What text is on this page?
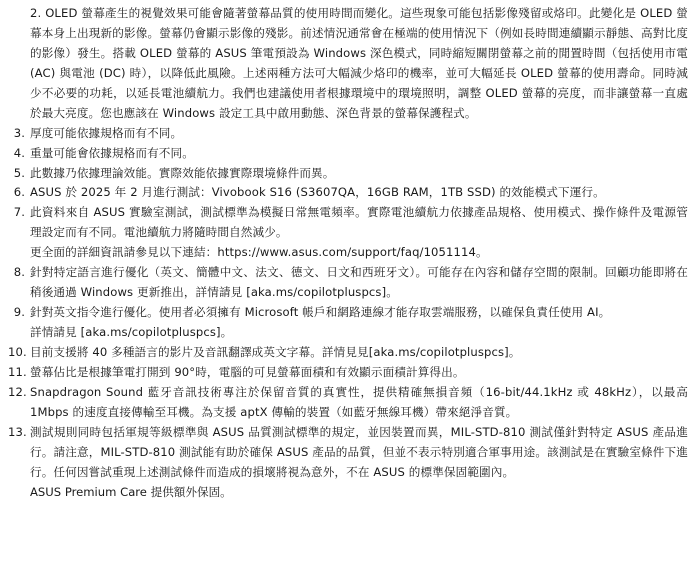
2. OLED 螢幕產生的視覺效果可能會隨著螢幕品質的使用時間而變化。這些現象可能包括影像殘留或烙印。此變化是 OLED 螢幕本身上出現新的影像。螢幕仍會顯示影像的殘影。前述情況通常會在極端的使用情況下（例如長時間連續顯示靜態、高對比度的影像）發生。搭載 OLED 螢幕的 ASUS 筆電預設為 Windows 深色模式，同時縮短關閉螢幕之前的閒置時間（包括使用市電 (AC) 與電池 (DC) 時），以降低此風險。上述兩種方法可大幅減少烙印的機率，並可大幅延長 OLED 螢幕的使用壽命。同時減少不必要的功耗，以延長電池續航力。我們也建議使用者根據環境中的環境照明，調整 OLED 螢幕的亮度，而非讓螢幕一直處於最大亮度。您也應該在 Windows 設定工具中啟用動態、深色背景的螢幕保護程式。
3. 厚度可能依據規格而有不同。
4. 重量可能會依據規格而有不同。
5. 此數據乃依據理論效能。實際效能依據實際環境條件而異。
6. ASUS 於 2025 年 2 月進行測試：Vivobook S16 (S3607QA，16GB RAM，1TB SSD) 的效能模式下運行。
7. 此資料來自 ASUS 實驗室測試，測試標準為模擬日常無電頻率。實際電池續航力依據產品規格、使用模式、操作條件及電源管理設定而有不同。電池續航力將隨時間自然減少。
更全面的詳細資訊請參見以下連結：https://www.asus.com/support/faq/1051114。
8. 針對特定語言進行優化（英文、簡體中文、法文、德文、日文和西班牙文）。可能存在內容和儲存空間的限制。回顧功能即將在稍後通過 Windows 更新推出，詳情請見 [aka.ms/copilotpluspcs]。
9. 針對英文指令進行優化。使用者必須擁有 Microsoft 帳戶和網路連線才能存取雲端服務，以確保負責任使用 AI。
詳情請見 [aka.ms/copilotpluspcs]。
10. 目前支援將 40 多種語言的影片及音訊翻譯成英文字幕。詳情見見[aka.ms/copilotpluspcs]。
11. 螢幕佔比是根據筆電打開到 90°時，電腦的可見螢幕面積和有效顯示面積計算得出。
12. Snapdragon Sound 藍牙音訊技術專注於保留音質的真實性，提供精確無損音頻（16-bit/44.1kHz 或 48kHz），以最高 1Mbps 的速度直接傳輸至耳機。為支援 aptX 傳輸的裝置（如藍牙無線耳機）帶來絕淨音質。
13. 測試規則同時包括軍規等級標準與 ASUS 品質測試標準的規定，並因裝置而異，MIL-STD-810 測試僅針對特定 ASUS 產品進行。請注意，MIL-STD-810 測試能有助於確保 ASUS 產品的品質，但並不表示特別適合軍事用途。該測試是在實驗室條件下進行。任何因嘗試重現上述測試條件而造成的損壞將視為意外，不在 ASUS 的標準保固範圍內。
ASUS Premium Care 提供額外保固。
